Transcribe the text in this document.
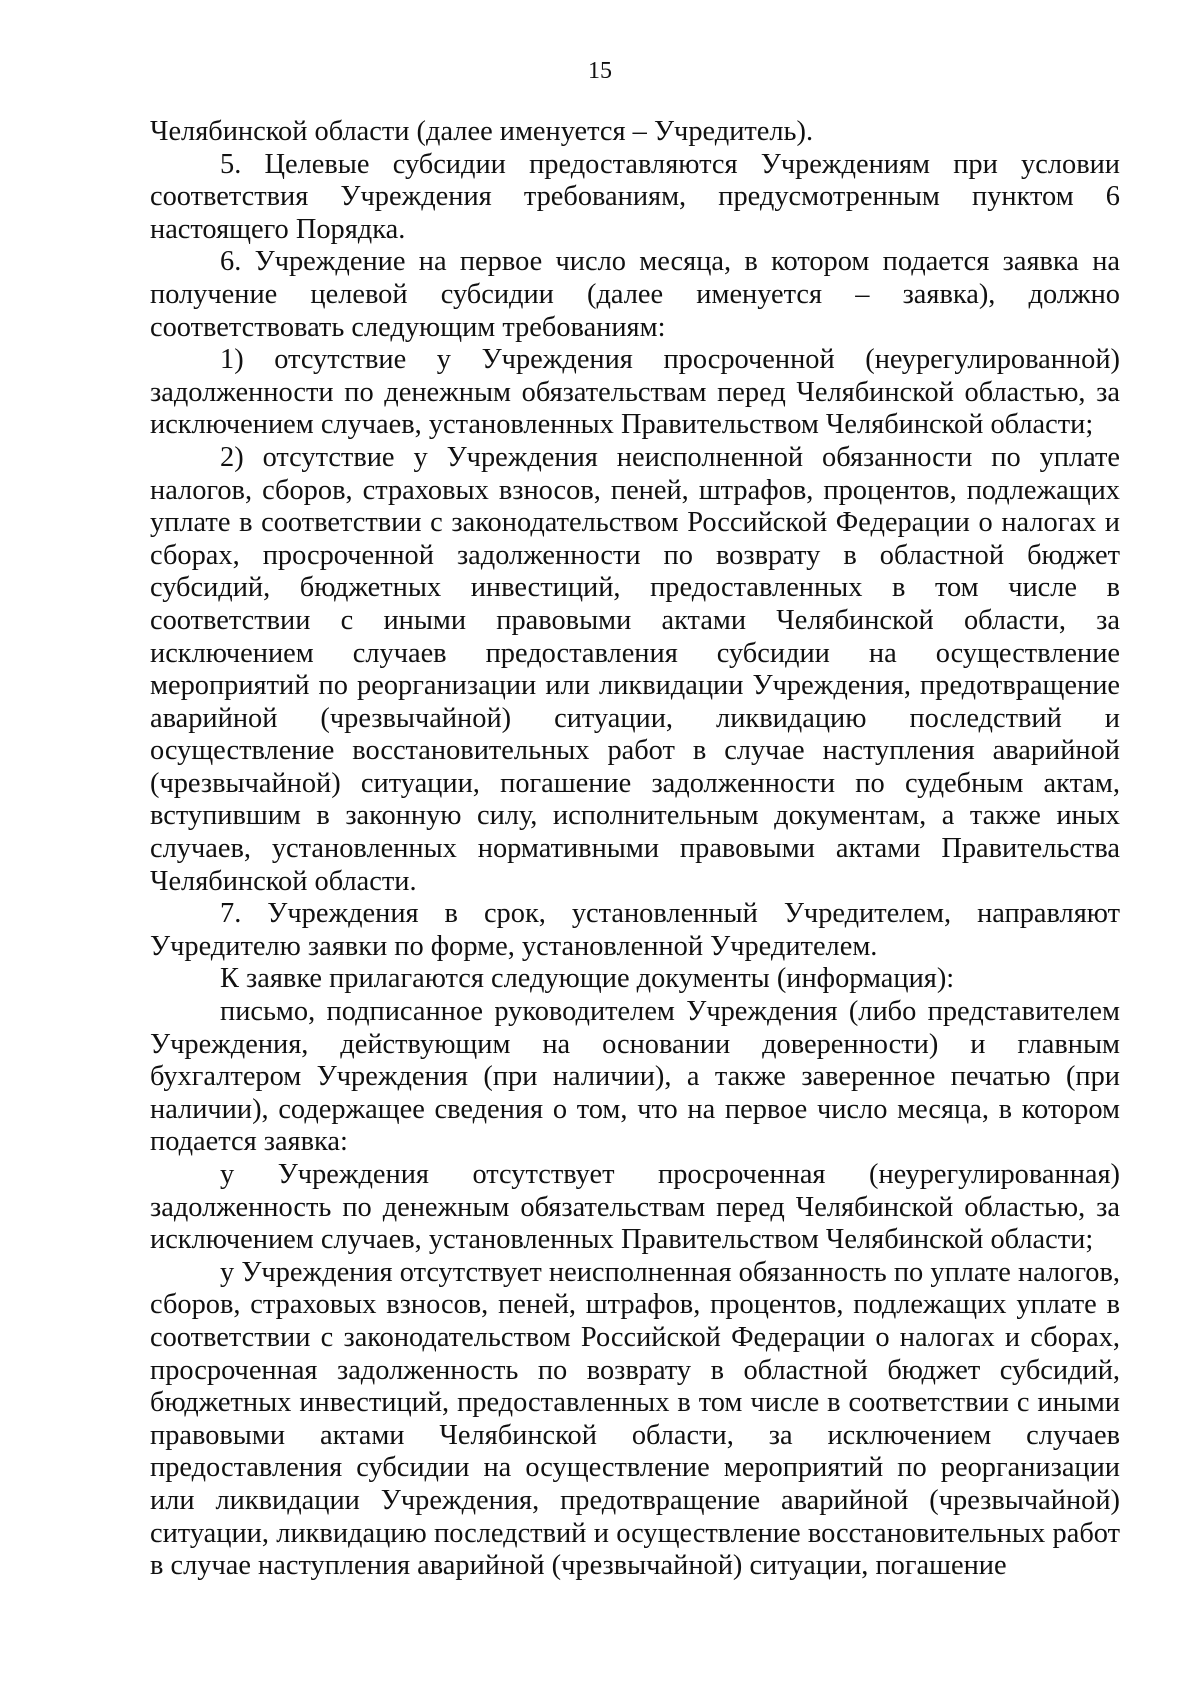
15
Челябинской области (далее именуется – Учредитель).
5. Целевые субсидии предоставляются Учреждениям при условии
соответствия Учреждения требованиям, предусмотренным пунктом 6
настоящего Порядка.
6. Учреждение на первое число месяца, в котором подается заявка на
получение целевой субсидии (далее именуется – заявка), должно
соответствовать следующим требованиям:
1) отсутствие у Учреждения просроченной (неурегулированной)
задолженности по денежным обязательствам перед Челябинской областью, за
исключением случаев, установленных Правительством Челябинской области;
2) отсутствие у Учреждения неисполненной обязанности по уплате
налогов, сборов, страховых взносов, пеней, штрафов, процентов, подлежащих
уплате в соответствии с законодательством Российской Федерации о налогах и
сборах, просроченной задолженности по возврату в областной бюджет
субсидий, бюджетных инвестиций, предоставленных в том числе в
соответствии с иными правовыми актами Челябинской области, за
исключением случаев предоставления субсидии на осуществление
мероприятий по реорганизации или ликвидации Учреждения, предотвращение
аварийной (чрезвычайной) ситуации, ликвидацию последствий и
осуществление восстановительных работ в случае наступления аварийной
(чрезвычайной) ситуации, погашение задолженности по судебным актам,
вступившим в законную силу, исполнительным документам, а также иных
случаев, установленных нормативными правовыми актами Правительства
Челябинской области.
7. Учреждения в срок, установленный Учредителем, направляют
Учредителю заявки по форме, установленной Учредителем.
К заявке прилагаются следующие документы (информация):
письмо, подписанное руководителем Учреждения (либо представителем
Учреждения, действующим на основании доверенности) и главным
бухгалтером Учреждения (при наличии), а также заверенное печатью (при
наличии), содержащее сведения о том, что на первое число месяца, в котором
подается заявка:
у Учреждения отсутствует просроченная (неурегулированная)
задолженность по денежным обязательствам перед Челябинской областью, за
исключением случаев, установленных Правительством Челябинской области;
у Учреждения отсутствует неисполненная обязанность по уплате налогов,
сборов, страховых взносов, пеней, штрафов, процентов, подлежащих уплате в
соответствии с законодательством Российской Федерации о налогах и сборах,
просроченная задолженность по возврату в областной бюджет субсидий,
бюджетных инвестиций, предоставленных в том числе в соответствии с иными
правовыми актами Челябинской области, за исключением случаев
предоставления субсидии на осуществление мероприятий по реорганизации
или ликвидации Учреждения, предотвращение аварийной (чрезвычайной)
ситуации, ликвидацию последствий и осуществление восстановительных работ
в случае наступления аварийной (чрезвычайной) ситуации, погашение
